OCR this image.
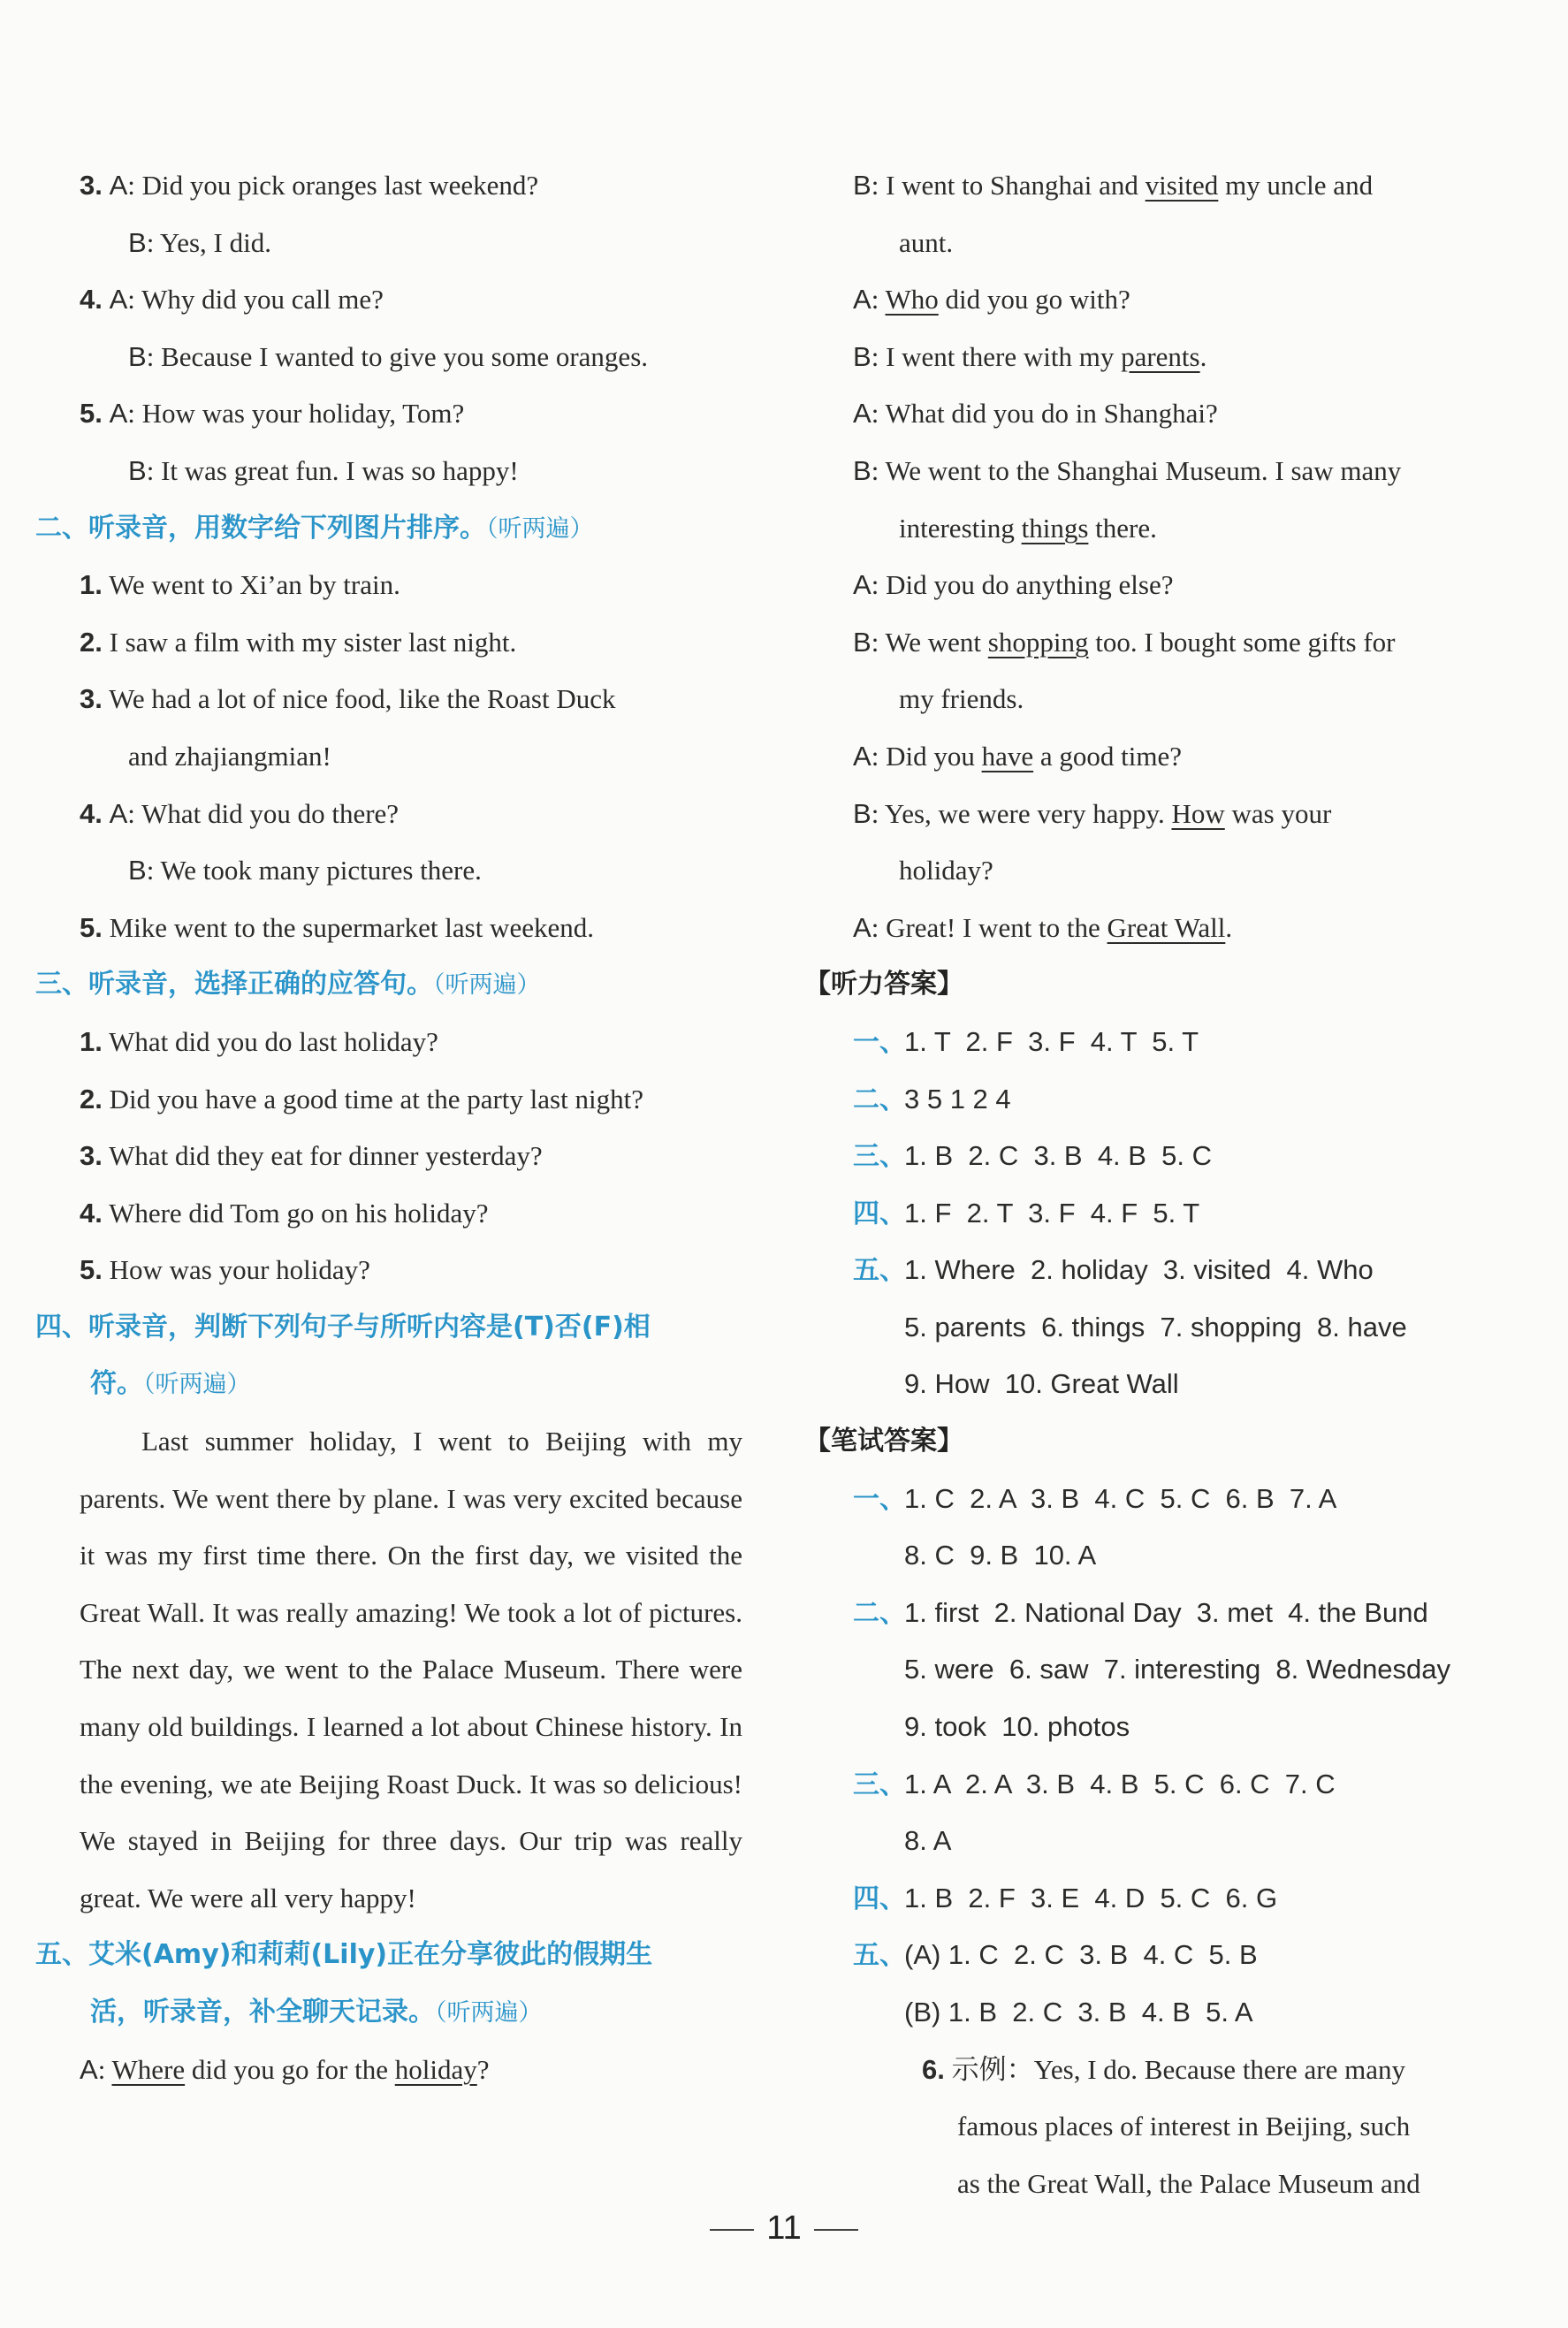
3. A: Did you pick oranges last weekend?
B: Yes, I did.
4. A: Why did you call me?
B: Because I wanted to give you some oranges.
5. A: How was your holiday, Tom?
B: It was great fun. I was so happy!
二、听录音，用数字给下列图片排序。（听两遍）
1. We went to Xi’an by train.
2. I saw a film with my sister last night.
3. We had a lot of nice food, like the Roast Duck
and zhajiangmian!
4. A: What did you do there?
B: We took many pictures there.
5. Mike went to the supermarket last weekend.
三、听录音，选择正确的应答句。（听两遍）
1. What did you do last holiday?
2. Did you have a good time at the party last night?
3. What did they eat for dinner yesterday?
4. Where did Tom go on his holiday?
5. How was your holiday?
四、听录音，判断下列句子与所听内容是(T)否(F)相
符。（听两遍）
Last summer holiday, I went to Beijing with my parents. We went there by plane. I was very excited because it was my first time there. On the first day, we visited the Great Wall. It was really amazing! We took a lot of pictures. The next day, we went to the Palace Museum. There were many old buildings. I learned a lot about Chinese history. In the evening, we ate Beijing Roast Duck. It was so delicious! We stayed in Beijing for three days. Our trip was really great. We were all very happy!
五、艾米(Amy)和莉莉(Lily)正在分享彼此的假期生
活，听录音，补全聊天记录。（听两遍）
A: Where did you go for the holiday?
B: I went to Shanghai and visited my uncle and
aunt.
A: Who did you go with?
B: I went there with my parents.
A: What did you do in Shanghai?
B: We went to the Shanghai Museum. I saw many
interesting things there.
A: Did you do anything else?
B: We went shopping too. I bought some gifts for
my friends.
A: Did you have a good time?
B: Yes, we were very happy. How was your
holiday?
A: Great! I went to the Great Wall.
【听力答案】
一、1. T  2. F  3. F  4. T  5. T
二、3 5 1 2 4
三、1. B  2. C  3. B  4. B  5. C
四、1. F  2. T  3. F  4. F  5. T
五、1. Where  2. holiday  3. visited  4. Who
5. parents  6. things  7. shopping  8. have
9. How  10. Great Wall
【笔试答案】
一、1. C  2. A  3. B  4. C  5. C  6. B  7. A
8. C  9. B  10. A
二、1. first  2. National Day  3. met  4. the Bund
5. were  6. saw  7. interesting  8. Wednesday
9. took  10. photos
三、1. A  2. A  3. B  4. B  5. C  6. C  7. C
8. A
四、1. B  2. F  3. E  4. D  5. C  6. G
五、(A) 1. C  2. C  3. B  4. C  5. B
(B) 1. B  2. C  3. B  4. B  5. A
6. 示例：Yes, I do. Because there are many
famous places of interest in Beijing, such
as the Great Wall, the Palace Museum and
11
